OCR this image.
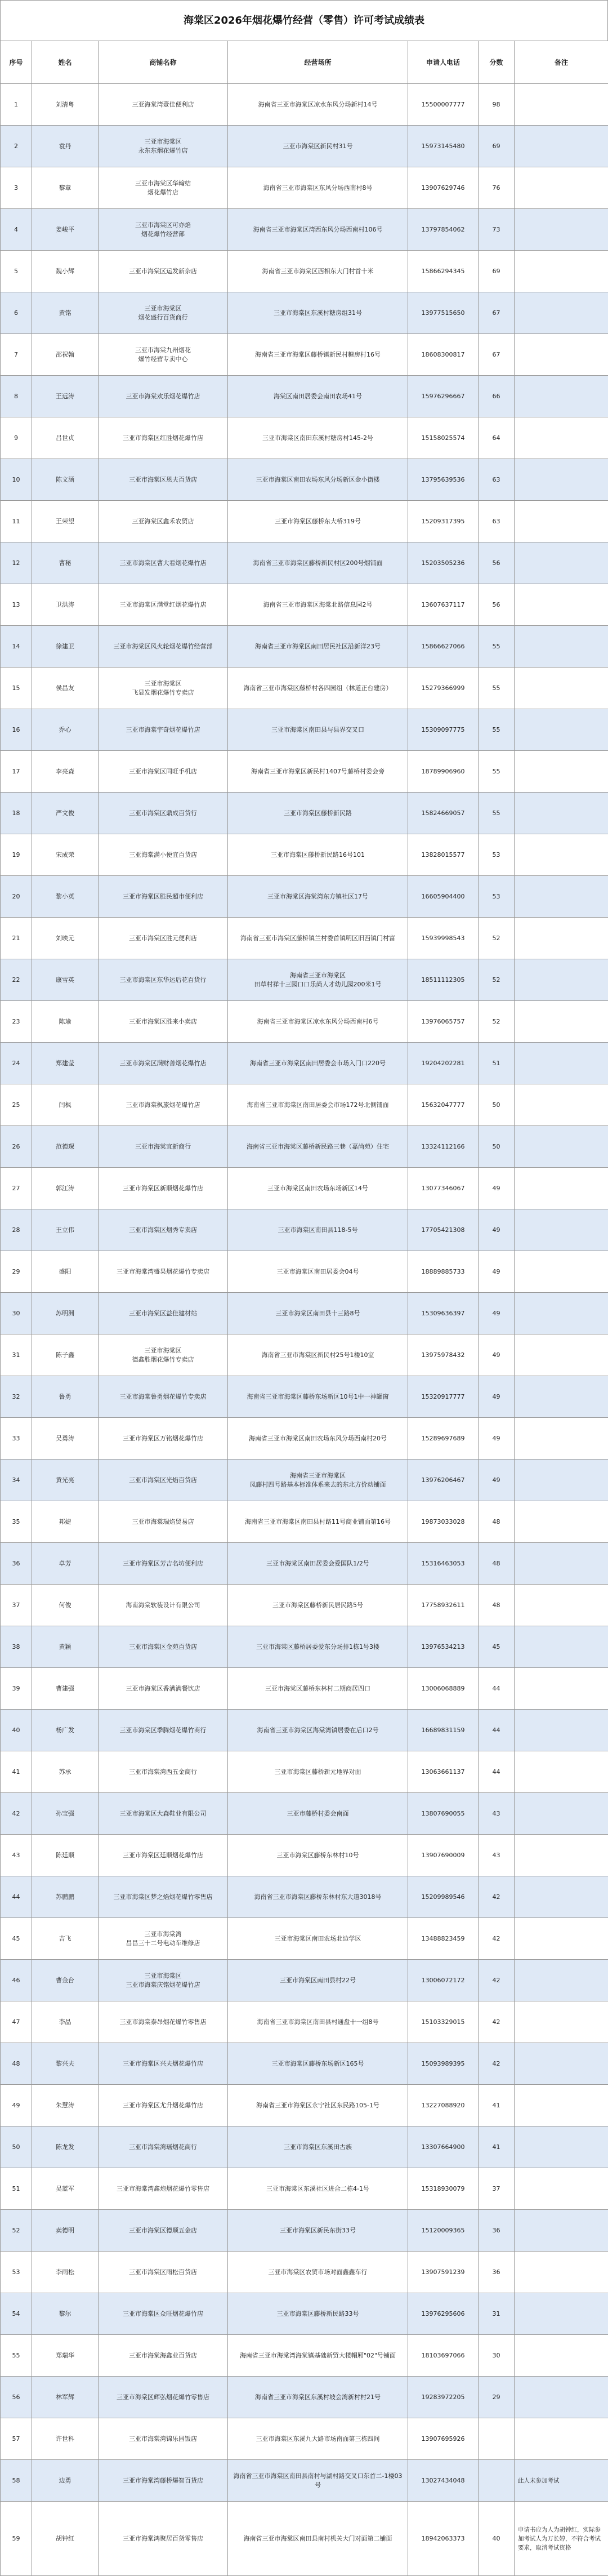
海棠区2026年烟花爆竹经营（零售）许可考试成绩表
序号	姓名	商铺名称	经营场所	申请人电话	分数	备注
1	刘清粤	三亚海棠湾壹佳便利店	海南省三亚市海棠区凉水东风分场新村14号	15500007777	98	
2	袁丹	三亚市海棠区
永东东烟花爆竹店	三亚市海棠区新民村31号	15973145480	69	
3	黎章	三亚市海棠区华翰结
烟花爆竹店	海南省三亚市海棠区东风分场西南村8号	13907629746	76	
4	姜峻平	三亚市海棠区可亦焰
烟花爆竹经营部	海南省三亚市海棠区湾西东风分场西南村106号	13797854062	73	
5	魏小辉	三亚市海棠区运发新杂店	海南省三亚市海棠区西相东大门村首十米	15866294345	69	
6	黄铭	三亚市海棠区
烟花盛行百货商行	三亚市海棠区东溪村糖房组31号	13977515650	67	
7	邵祝翰	三亚市海棠九州烟花
爆竹经营专卖中心	海南省三亚市海棠区藤桥镇新民村糖房村16号	18608300817	67	
8	王远涛	三亚市海棠欢乐烟花爆竹店	海棠区南田居委会南田农场41号	15976296667	66	
9	吕世贞	三亚市海棠区红胜烟花爆竹店	三亚市海棠区南田东溪村糖房村145-2号	15158025574	64	
10	陈文涵	三亚市海棠区恩夫百货店	三亚市海棠区南田农场东风分场新区金小街楼	13795639536	63	
11	王荣望	三亚海棠区鑫禾农贸店	三亚市海棠区藤桥东大桥319号	15209317395	63	
12	曹秘	三亚市海棠区曹大看烟花爆竹店	海南省三亚市海棠区藤桥新民村区200号烟铺面	15203505236	56	
13	卫洪涛	三亚市海棠区满堂红烟花爆竹店	海南省三亚市海棠区海棠北路信息园2号	13607637117	56	
14	徐建卫	三亚市海棠区风火轮烟花爆竹经营部	海南省三亚市海棠区南田居民社区沿新洋23号	15866627066	55	
15	侯昌友	三亚市海棠区
飞显发烟花爆竹专卖店	海南省三亚市海棠区藤桥村各四园组（林道正台建房）	15279366999	55	
16	乔心	三亚市海棠宇奇烟花爆竹店	三亚市海棠区南田县与县界交叉口	15309097775	55	
17	李亮森	三亚市海棠区同旺手机店	海南省三亚市海棠区新民村1407号藤桥村委会旁	18789906960	55	
18	严文俊	三亚市海棠区鼎成百货行	三亚市海棠区藤桥新民路	15824669057	55	
19	宋成荣	三亚海棠满小便宜百货店	三亚市海棠区藤桥新民路16号101	13828015577	53	
20	黎小英	三亚市海棠区胜民超市便利店	三亚市海棠区海棠湾东方镇社区17号	16605904400	53	
21	刘映元	三亚市海棠区胜元便利店	海南省三亚市海棠区藤桥镇兰村委首镇明区旧西镇门村富	15939998543	52	
22	康雪英	三亚市海棠区东华运后花百货行	海南省三亚市海棠区
田草村祥十三园口口乐尚人才幼儿园200米1号	18511112305	52	
23	陈瑜	三亚市海棠区胜来小卖店	海南省三亚市海棠区凉水东风分场西南村6号	13976065757	52	
24	郑建莹	三亚市海棠区满财善烟花爆竹店	海南省三亚市海棠区南田居委会市场入门口220号	19204202281	51	
25	闫枫	三亚市海棠枫旅烟花爆竹店	海南省三亚市海棠区南田居委会市场172号北侧铺面	15632047777	50	
26	范德琛	三亚市海棠宜新商行	海南省三亚市海棠区藤桥新民路三巷（嘉尚苑）住宅	13324112166	50	
27	郭江涛	三亚市海棠区新顺烟花爆竹店	三亚市海棠区南田农场东场新区14号	13077346067	49	
28	王立伟	三亚市海棠区烟秀专卖店	三亚市海棠区南田县118-5号	17705421308	49	
29	盛阳	三亚市海棠湾盛果烟花爆竹专卖店	三亚市海棠区南田居委会04号	18889885733	49	
30	苏明洲	三亚市海棠区益佳建材站	三亚市海棠区南田县十三路8号	15309636397	49	
31	陈子鑫	三亚市海棠区
德鑫胜烟花爆竹专卖店	海南省三亚市海棠区新民村25号1楼10室	13975978432	49	
32	鲁勇	三亚市海棠鲁勇烟花爆竹专卖店	海南省三亚市海棠区藤桥东场新区10号1中一神罐窗	15320917777	49	
33	吴勇涛	三亚市海棠区万铭烟花爆竹店	海南省三亚市海棠区南田农场东风分场西南村20号	15289697689	49	
34	黄光亮	三亚市海棠区光焰百货店	海南省三亚市海棠区
凤藤村四号路基本标准体系来去的东北方价动铺面	13976206467	49	
35	邦婕	三亚市海棠瑞焰贸易店	海南省三亚市海棠区南田县村路11号商业铺面第16号	19873033028	48	
36	卓芳	三亚市海棠区芳吉名坊便利店	三亚市海棠区南田居委会爱国队1/2号	15316463053	48	
37	何俊	海南海棠软装设计有限公司	三亚市海棠区藤桥新民居民路5号	17758932611	48	
38	黄颖	三亚市海棠区金苑百货店	三亚市海棠区藤桥居委爱东分场排1栋1号3楼	13976534213	45	
39	曹建强	三亚市海棠区香满满餐饮店	三亚市海棠区藤桥东林村二期商居四口	13006068889	44	
40	杨广发	三亚市海棠区季腾烟花爆竹商行	海南省三亚市海棠区海棠湾镇居委在后口2号	16689831159	44	
41	苏承	三亚市海棠湾西五金商行	三亚市海棠区藤桥新元地界对面	13063661137	44	
42	孙宝强	三亚市海棠区大森鞋业有限公司	三亚市藤桥村委会南面	13807690055	43	
43	陈廷顺	三亚市海棠区廷顺烟花爆竹店	三亚市海棠区藤桥东林村10号	13907690009	43	
44	苏鹏鹏	三亚市海棠区梦之焰烟花爆竹零售店	海南省三亚市海棠区藤桥东林村东大道3018号	15209989546	42	
45	吉飞	三亚市海棠湾
昌昌三十二号电动车维修店	三亚市海棠区南田农场北边学区	13488823459	42	
46	曹金台	三亚市海棠区
三亚市海棠庆铭烟花爆竹店	三亚市海棠区南田县村22号	13006072172	42	
47	李晶	三亚市海棠泰昂烟花爆竹零售店	海南省三亚市海棠区南田县村通盘十一组8号	15103329015	42	
48	黎兴夫	三亚市海棠区兴夫烟花爆竹店	三亚市海棠区藤桥东场新区165号	15093989395	42	
49	朱慧涛	三亚市海棠区尤升烟花爆竹店	海南省三亚市海棠区永宁社区东民路105-1号	13227088920	41	
50	陈龙发	三亚市海棠湾瑶烟花商行	三亚市海棠区东溪田古族	13307664900	41	
51	吴蓝军	三亚市海棠湾鑫炮烟花爆竹零售店	三亚市海棠区东溪社区进合二栋4-1号	15318930079	37	
52	卖德明	三亚市海棠区德顺五金店	三亚市海棠区新民东街33号	15120009365	36	
53	李雨松	三亚市海棠区雨松百货店	三亚市海棠区农贸市场对面鑫鑫车行	13907591239	36	
54	黎尔	三亚市海棠区众旺烟花爆竹店	三亚市海棠区藤桥新民路33号	13976295606	31	
55	郑瑞华	三亚市海棠海鑫业百货店	海南省三亚市海棠湾海棠镇基础新贸大楼帽厢"02"号铺面	18103697066	30	
56	林军辉	三亚市海棠区辉弘烟花爆竹零售店	海南省三亚市海棠区东溪村坡会湾新村村21号	19283972205	29	
57	许世科	三亚市海棠湾锦乐园饭店	三亚市海棠区东溪九大路市场南面第三栋四间	13907695926		
58	边勇	三亚市海棠湾藤桥爆智百货店	海南省三亚市海棠区南田县南村与湖村路交叉口东首二-1楼03号	13027434048		此人未参加考试
59	胡钟红	三亚市海棠鸿聚居百货零售店	海南省三亚市海棠区南田县南村机关大门对面第二铺面	18942063373	40	申请书应为人为胡钟红，实际参加考试人为万长婷，不符合考试要求，取消考试资格
